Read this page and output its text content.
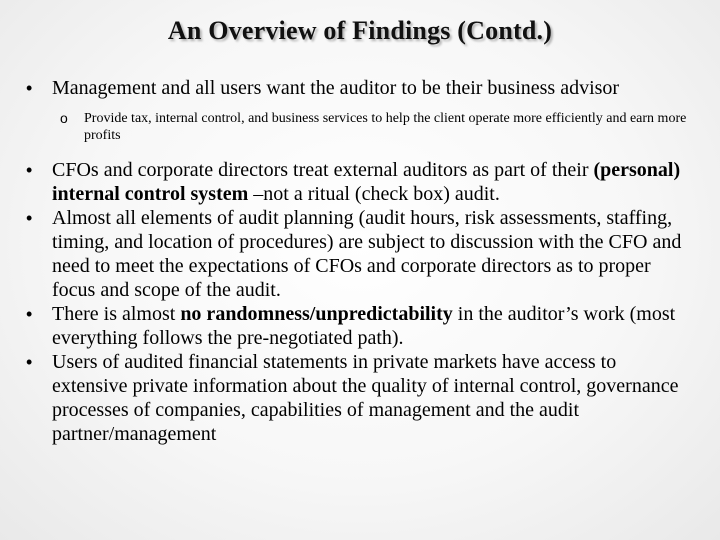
An Overview of Findings (Contd.)
• Management and all users want the auditor to be their business advisor
o Provide tax, internal control, and business services to help the client operate more efficiently and earn more profits
• CFOs and corporate directors treat external auditors as part of their (personal) internal control system –not a ritual (check box) audit.
• Almost all elements of audit planning (audit hours, risk assessments, staffing, timing, and location of procedures) are subject to discussion with the CFO and need to meet the expectations of CFOs and corporate directors as to proper focus and scope of the audit.
• There is almost no randomness/unpredictability in the auditor’s work (most everything follows the pre-negotiated path).
• Users of audited financial statements in private markets have access to extensive private information about the quality of internal control, governance processes of companies, capabilities of management and the audit partner/management
